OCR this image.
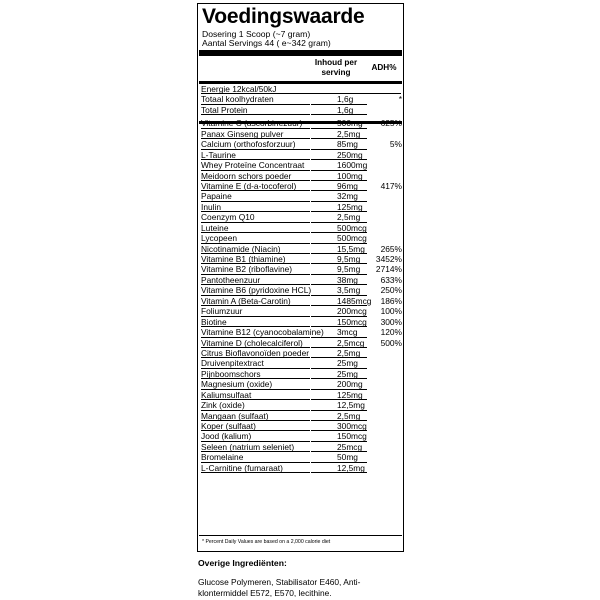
Voedingswaarde
Dosering 1 Scoop (~7 gram)
Aantal Servings 44 ( e~342 gram)
Inhoud per
serving
ADH%
Energie 12kcal/50kJ
Totaal koolhydraten	1,6g	*
Total Protein	1,6g
Vitamine C (ascorbinezuur)	500mg	625%
Panax Ginseng pulver	2,5mg
Calcium (orthofosforzuur)	85mg	5%
L-Taurine	250mg
Whey Proteïne Concentraat	1600mg
Meidoorn schors poeder	100mg
Vitamine E (d-a-tocoferol)	96mg	417%
Papaine	32mg
Inulin	125mg
Coenzym Q10	2,5mg
Luteine	500mcg
Lycopeen	500mcg
Nicotinamide (Niacin)	15,5mg	265%
Vitamine B1 (thiamine)	9,5mg	3452%
Vitamine B2 (riboflavine)	9,5mg	2714%
Pantotheenzuur	38mg	633%
Vitamine B6 (pyridoxine HCL)	3,5mg	250%
Vitamin A (Beta-Carotin)	1485mcg	186%
Foliumzuur	200mcg	100%
Biotine	150mcg	300%
Vitamine B12 (cyanocobalamine)	3mcg	120%
Vitamine D (cholecalciferol)	2,5mcg	500%
Citrus Bioflavonoïden poeder	2,5mg
Druivenpitextract	25mg
Pijnboomschors	25mg
Magnesium (oxide)	200mg
Kaliumsulfaat	125mg
Zink (oxide)	12,5mg
Mangaan (sulfaat)	2,5mg
Koper (sulfaat)	300mcg
Jood (kalium)	150mcg
Seleen (natrium seleniet)	25mcg
Bromelaine	50mg
L-Carnitine (fumaraat)	12,5mg
* Percent Daily Values are based on a 2,000 calorie diet
Overige Ingrediënten:
Glucose Polymeren, Stabilisator E460, Anti-klontermiddel E572, E570, lecithine.
